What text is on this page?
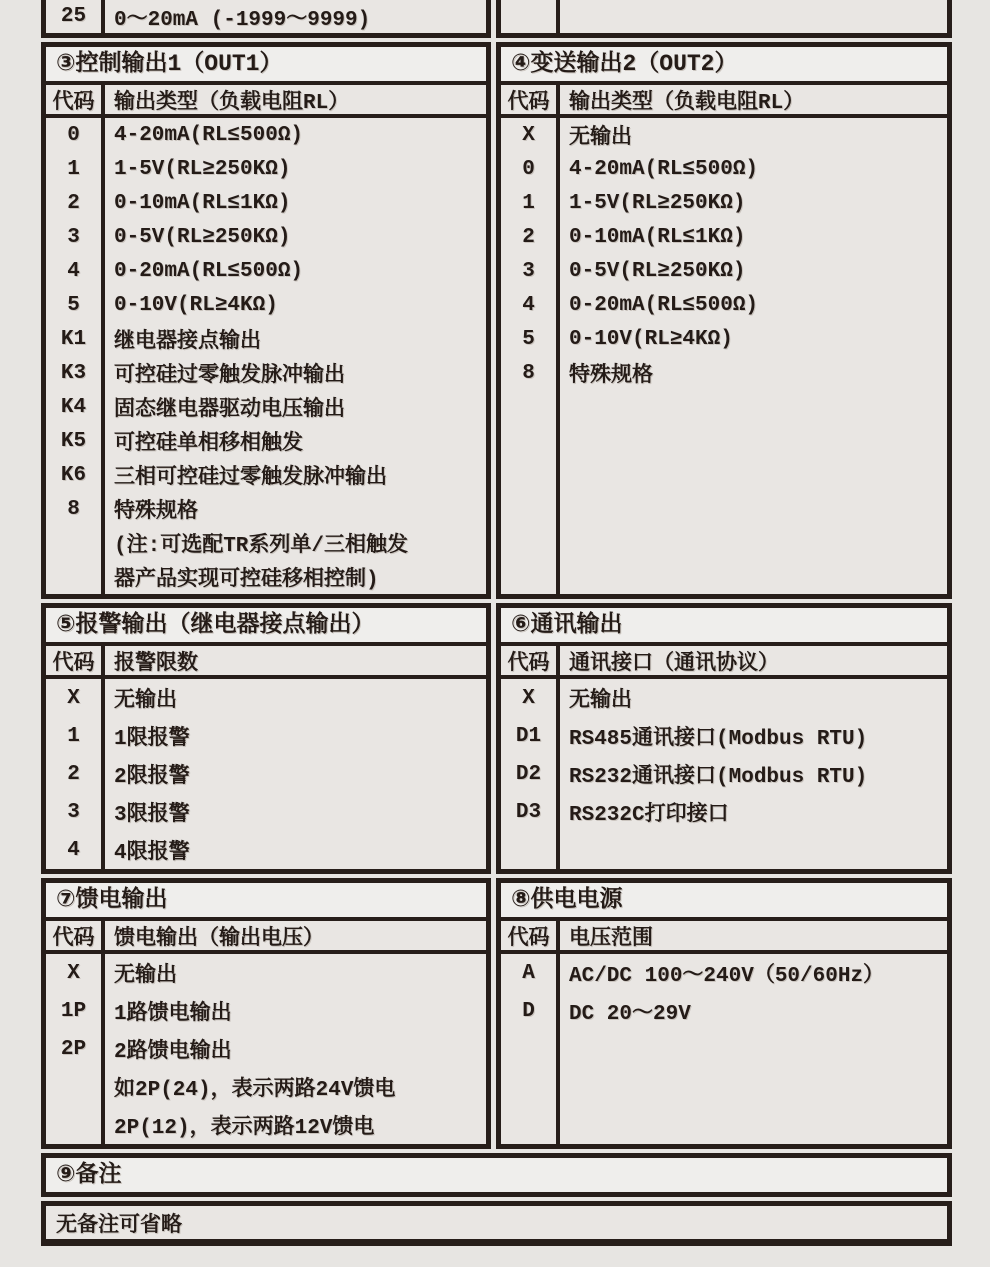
25	0～20mA (-1999～9999)
③控制输出1（OUT1）
代码 输出类型（负载电阻RL）
0	4-20mA(RL≤500Ω)
1	1-5V(RL≥250KΩ)
2	0-10mA(RL≤1KΩ)
3	0-5V(RL≥250KΩ)
4	0-20mA(RL≤500Ω)
5	0-10V(RL≥4KΩ)
K1	继电器接点输出
K3	可控硅过零触发脉冲输出
K4	固态继电器驱动电压输出
K5	可控硅单相移相触发
K6	三相可控硅过零触发脉冲输出
8	特殊规格
(注:可选配TR系列单/三相触发
器产品实现可控硅移相控制)
④变送输出2（OUT2）
代码 输出类型（负载电阻RL）
X	无输出
0	4-20mA(RL≤500Ω)
1	1-5V(RL≥250KΩ)
2	0-10mA(RL≤1KΩ)
3	0-5V(RL≥250KΩ)
4	0-20mA(RL≤500Ω)
5	0-10V(RL≥4KΩ)
8	特殊规格
⑤报警输出（继电器接点输出）
代码 报警限数
X	无输出
1	1限报警
2	2限报警
3	3限报警
4	4限报警
⑥通讯输出
代码 通讯接口（通讯协议）
X	无输出
D1	RS485通讯接口(Modbus RTU)
D2	RS232通讯接口(Modbus RTU)
D3	RS232C打印接口
⑦馈电输出
代码 馈电输出（输出电压）
X	无输出
1P	1路馈电输出
2P	2路馈电输出
如2P(24)，表示两路24V馈电
2P(12)，表示两路12V馈电
⑧供电电源
代码 电压范围
A	AC/DC 100～240V（50/60Hz）
D	DC 20～29V
⑨备注
无备注可省略
